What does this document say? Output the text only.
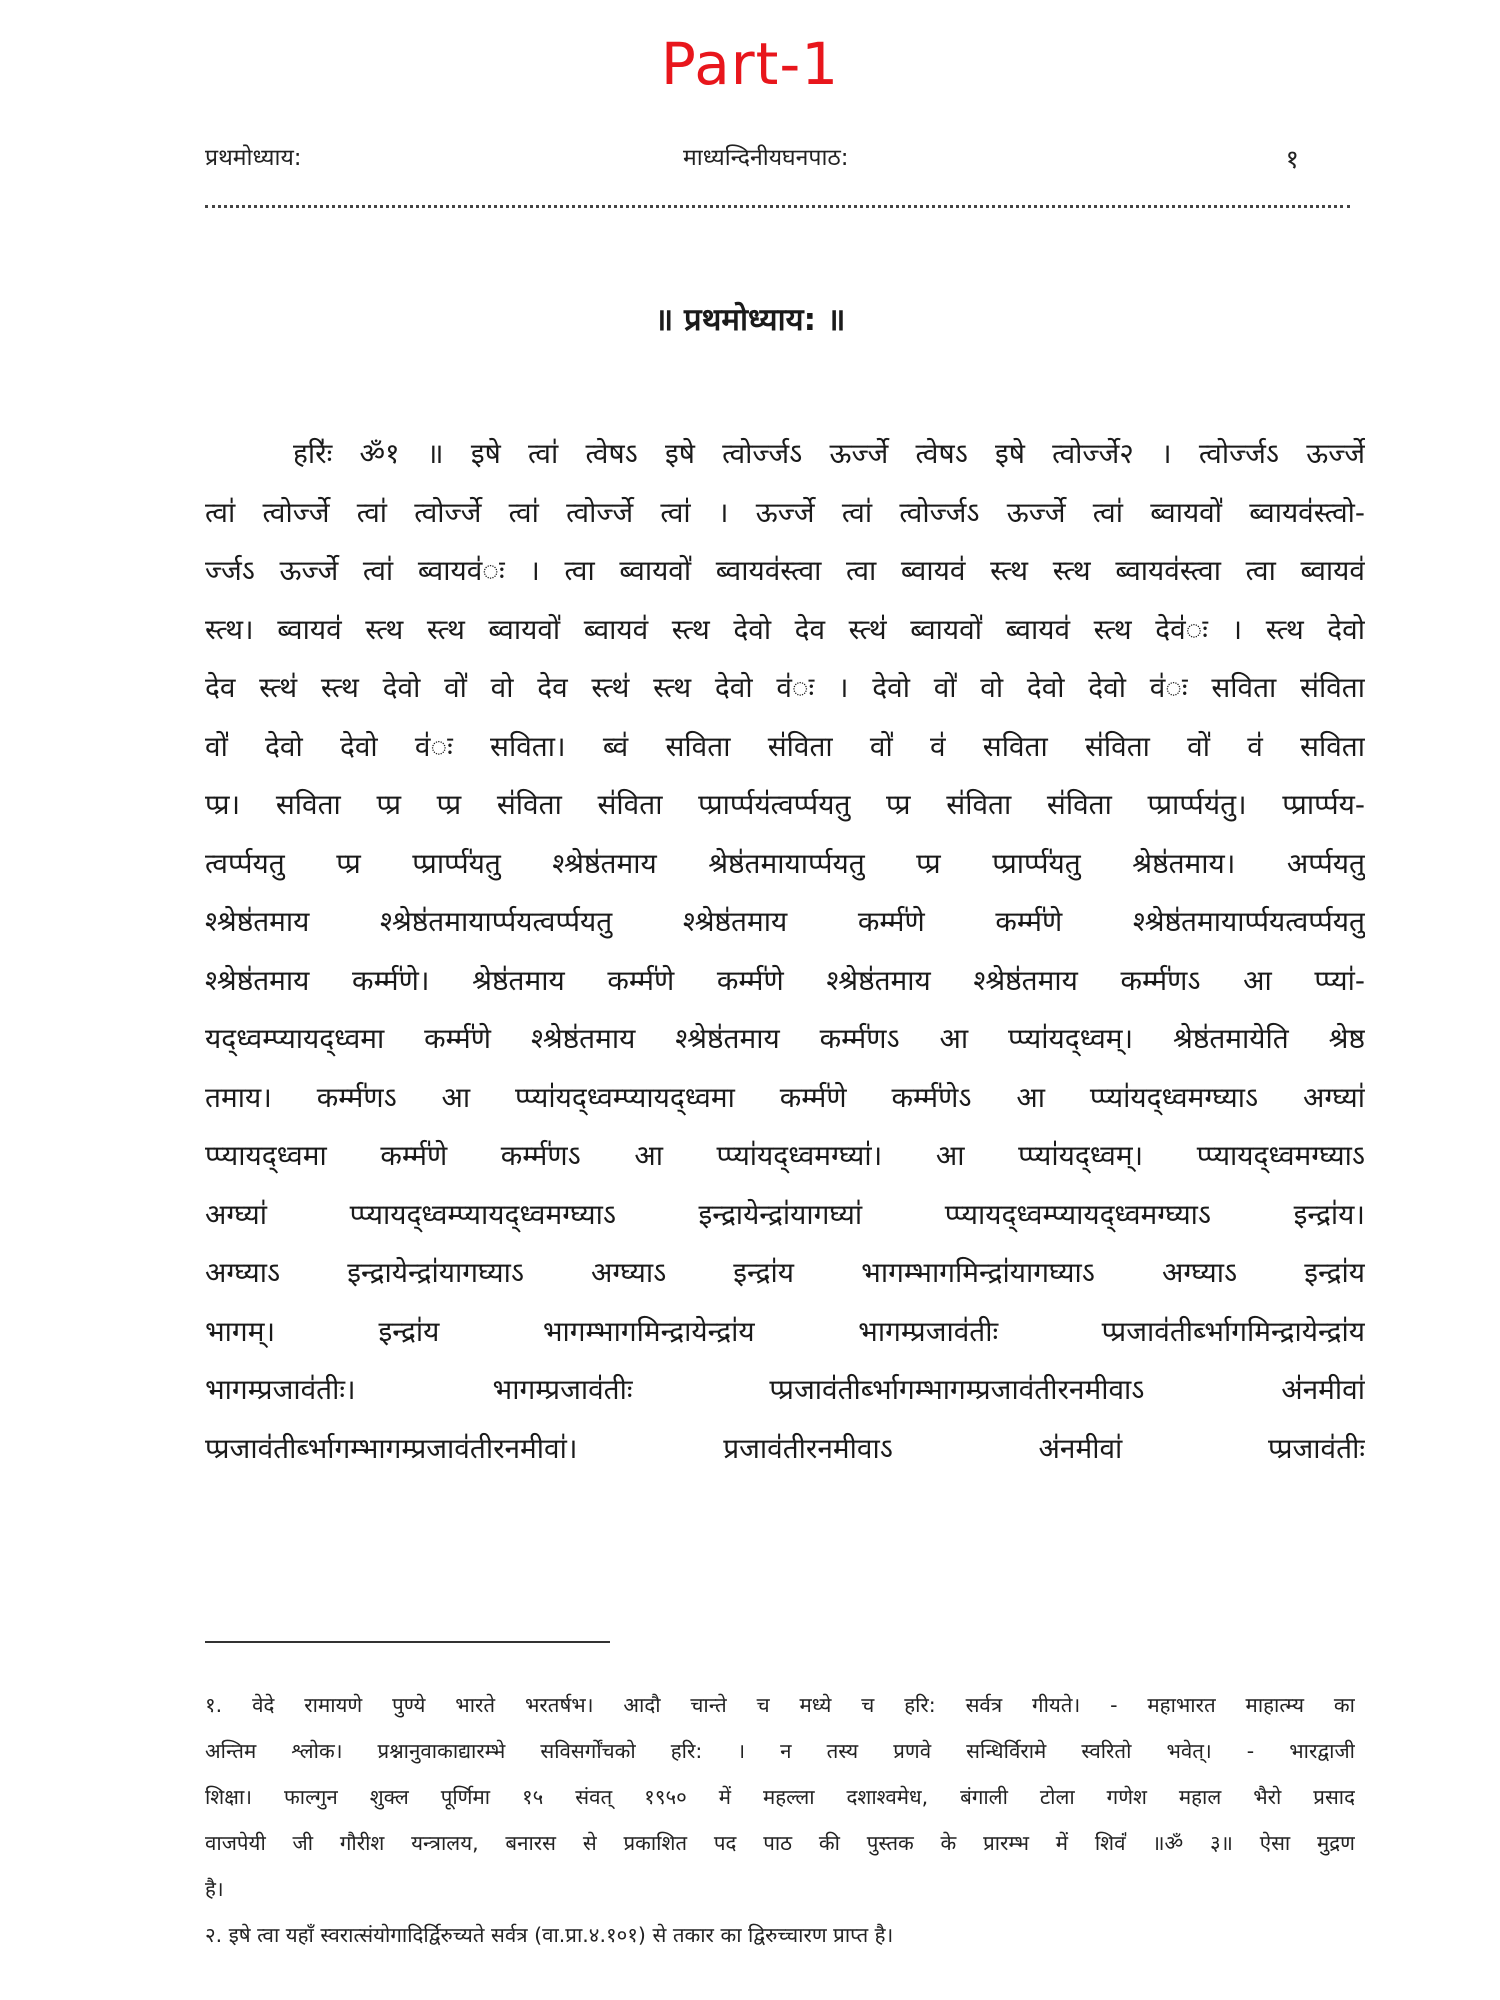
Part-1
प्रथमोध्याय:	माध्यन्दिनीयघनपाठ:	१
॥ प्रथमोध्याय: ॥
हरिः॑ ॐ१ ॥ इषे त्वा॑ त्वेषऽ इषे त्वोर्ज्जऽ ऊर्ज्जे त्वेषऽ इषे त्वोर्ज्जे२ । त्वोर्ज्जऽ ऊर्ज्जे
त्वा॑ त्वोर्ज्जे त्वा॑ त्वोर्ज्जे त्वा॑ त्वोर्ज्जे त्वा॑ । ऊर्ज्जे त्वा॑ त्वोर्ज्जऽ ऊर्ज्जे त्वा॑ ब्वायवो॑ ब्वायव॑स्त्वो-
र्ज्जऽ ऊर्ज्जे त्वा॑ ब्वायव॑ः । त्वा ब्वायवो॑ ब्वायव॑स्त्वा त्वा ब्वायव॑ स्त्थ स्त्थ ब्वायव॑स्त्वा त्वा ब्वायव॑
स्त्थ। ब्वायव॑ स्त्थ स्त्थ ब्वायवो॑ ब्वायव॑ स्त्थ देवो देव स्त्थ॑ ब्वायवो॑ ब्वायव॑ स्त्थ देव॑ः । स्त्थ देवो
देव स्त्थ॑ स्त्थ देवो वो॑ वो देव स्त्थ॑ स्त्थ देवो व॑ः । देवो वो॑ वो देवो देवो व॑ः सविता स॑विता
वो॑ देवो देवो व॑ः सविता। ब्व॑ सविता स॑विता वो॑ व॑ सविता स॑विता वो॑ व॑ सविता
प्प्र। सविता प्प्र प्प्र स॑विता स॑विता प्प्रार्प्पय॑त्वर्प्पयतु प्प्र स॑विता स॑विता प्प्रार्प्पय॑तु। प्प्रार्प्पय-
त्वर्प्पयतु प्प्र प्प्रार्प्प॑यतु श्श्रेष्ठ॑तमाय श्रेष्ठ॑तमायार्प्पयतु प्प्र प्प्रार्प्प॑यतु श्रेष्ठ॑तमाय। अर्प्पयतु
श्श्रेष्ठ॑तमाय श्श्रेष्ठ॑तमायार्प्पयत्वर्प्पयतु श्श्रेष्ठ॑तमाय कर्म्म॑णे कर्म्म॑णे श्श्रेष्ठ॑तमायार्प्पयत्वर्प्पयतु
श्श्रेष्ठ॑तमाय कर्म्म॑णे। श्रेष्ठ॑तमाय कर्म्म॑णे कर्म्म॑णे श्श्रेष्ठ॑तमाय श्श्रेष्ठ॑तमाय कर्म्म॑णऽ आ प्प्या॑-
यद्ध्वम्प्यायद्ध्वमा कर्म्म॑णे श्श्रेष्ठ॑तमाय श्श्रेष्ठ॑तमाय कर्म्म॑णऽ आ प्प्या॑यद्ध्वम्। श्रेष्ठ॑तमायेति श्रेष्ठ
तमाय। कर्म्म॑णऽ आ प्प्या॑यद्ध्वम्प्यायद्ध्वमा कर्म्म॑णे कर्म्म॑णेऽ आ प्प्या॑यद्ध्वमग्घ्याऽ अग्घ्या॑
प्प्यायद्ध्वमा कर्म्म॑णे कर्म्म॑णऽ आ प्प्या॑यद्ध्वमग्घ्या॑। आ प्प्या॑यद्ध्वम्। प्प्यायद्ध्वमग्घ्याऽ
अग्घ्या॑ प्प्यायद्ध्वम्प्यायद्ध्वमग्घ्याऽ इन्द्रायेन्द्रा॑यागघ्या॑ प्प्यायद्ध्वम्प्यायद्ध्वमग्घ्याऽ इन्द्रा॑य।
अग्घ्याऽ इन्द्रायेन्द्रा॑यागघ्याऽ अग्घ्याऽ इन्द्रा॑य भागम्भागमिन्द्रा॑यागघ्याऽ अग्घ्याऽ इन्द्रा॑य
भागम्। इन्द्रा॑य भागम्भागमिन्द्रायेन्द्रा॑य भागम्प्रजाव॑तीः प्प्रजाव॑तीर्ब्भागमिन्द्रायेन्द्रा॑य
भागम्प्रजाव॑तीः। भागम्प्रजाव॑तीः प्प्रजाव॑तीर्ब्भागम्भागम्प्रजाव॑तीरनमीवाऽ अ॑नमीवा॑
प्प्रजाव॑तीर्ब्भागम्भागम्प्रजाव॑तीरनमीवा॑। प्रजाव॑तीरनमीवाऽ अ॑नमीवा॑ प्प्रजाव॑तीः
१. वेदे रामायणे पुण्ये भारते भरतर्षभ। आदौ चान्ते च मध्ये च हरि: सर्वत्र गीयते। - महाभारत माहात्म्य का
अन्तिम श्लोक। प्रश्नानुवाकाद्यारम्भे सविसर्गोंचको हरि: । न तस्य प्रणवे सन्धिर्विरामे स्वरितो भवेत्। - भारद्वाजी
शिक्षा। फाल्गुन शुक्ल पूर्णिमा १५ संवत् १९५० में महल्ला दशाश्वमेध, बंगाली टोला गणेश महाल भैरो प्रसाद
वाजपेयी जी गौरीश यन्त्रालय, बनारस से प्रकाशित पद पाठ की पुस्तक के प्रारम्भ में शिवं॑ ॥ॐ ३॥ ऐसा मुद्रण
है।
२. इषे त्वा यहाँ स्वरात्संयोगादिर्द्विरुच्यते सर्वत्र (वा.प्रा.४.१०१) से तकार का द्विरुच्चारण प्राप्त है।
